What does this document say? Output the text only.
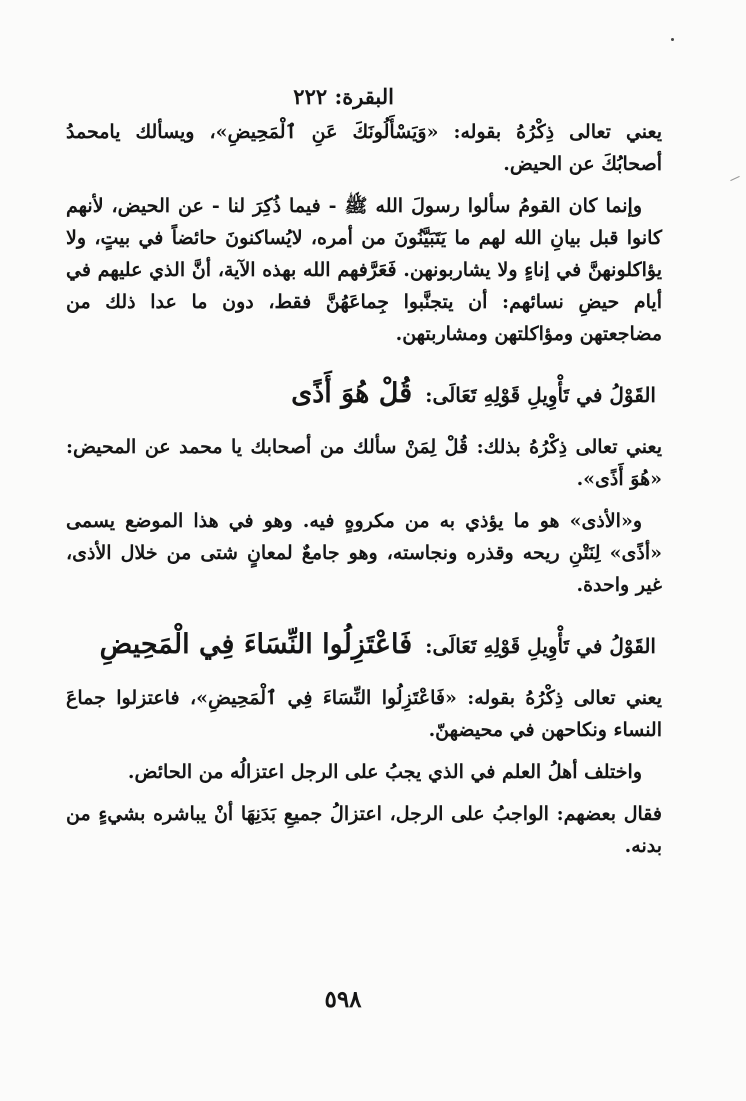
البقرة: ٢٢٢

يعني تعالى ذِكْرُهُ بقوله: «وَيَسْأَلُونَكَ عَنِ ٱلْمَحِيضِ»، ويسألك يامحمدُ أصحابُكَ عن الحيض.

وإنما كان القومُ سألوا رسولَ الله ﷺ - فيما ذُكِرَ لنا - عن الحيض، لأنهم كانوا قبل بيانِ الله لهم ما يَتَبَيَّنُونَ من أمره، لايُساكنونَ حائضاً في بيتٍ، ولا يؤاكلونهنَّ في إناءٍ ولا يشاربونهن. فَعَرَّفهم الله بهذه الآية، أنَّ الذي عليهم في أيام حيضِ نسائهم: أن يتجنَّبوا جِماعَهُنَّ فقط، دون ما عدا ذلك من مضاجعتهن ومؤاكلتهن ومشاربتهن.

القَوْلُ في تَأْوِيلِ قَوْلِهِ تَعَالَى: قُلْ هُوَ أَذًى

يعني تعالى ذِكْرُهُ بذلك: قُلْ لِمَنْ سألك من أصحابك يا محمد عن المحيض: «هُوَ أَذًى».

و«الأذى» هو ما يؤذي به من مكروهٍ فيه. وهو في هذا الموضع يسمى «أذًى» لِنَتْنِ ريحه وقذره ونجاسته، وهو جامعٌ لمعانٍ شتى من خلال الأذى، غير واحدة.

القَوْلُ في تَأْوِيلِ قَوْلِهِ تَعَالَى: فَاعْتَزِلُوا النِّسَاءَ فِي الْمَحِيضِ

يعني تعالى ذِكْرُهُ بقوله: «فَاعْتَزِلُوا النِّسَاءَ فِي ٱلْمَحِيضِ»، فاعتزلوا جماعَ النساء ونكاحهن في محيضهنّ.

واختلف أهلُ العلم في الذي يجبُ على الرجل اعتزالُه من الحائض.

فقال بعضهم: الواجبُ على الرجل، اعتزالُ جميعِ بَدَنِهَا أنْ يباشره بشيءٍ من بدنه.

٥٩٨
